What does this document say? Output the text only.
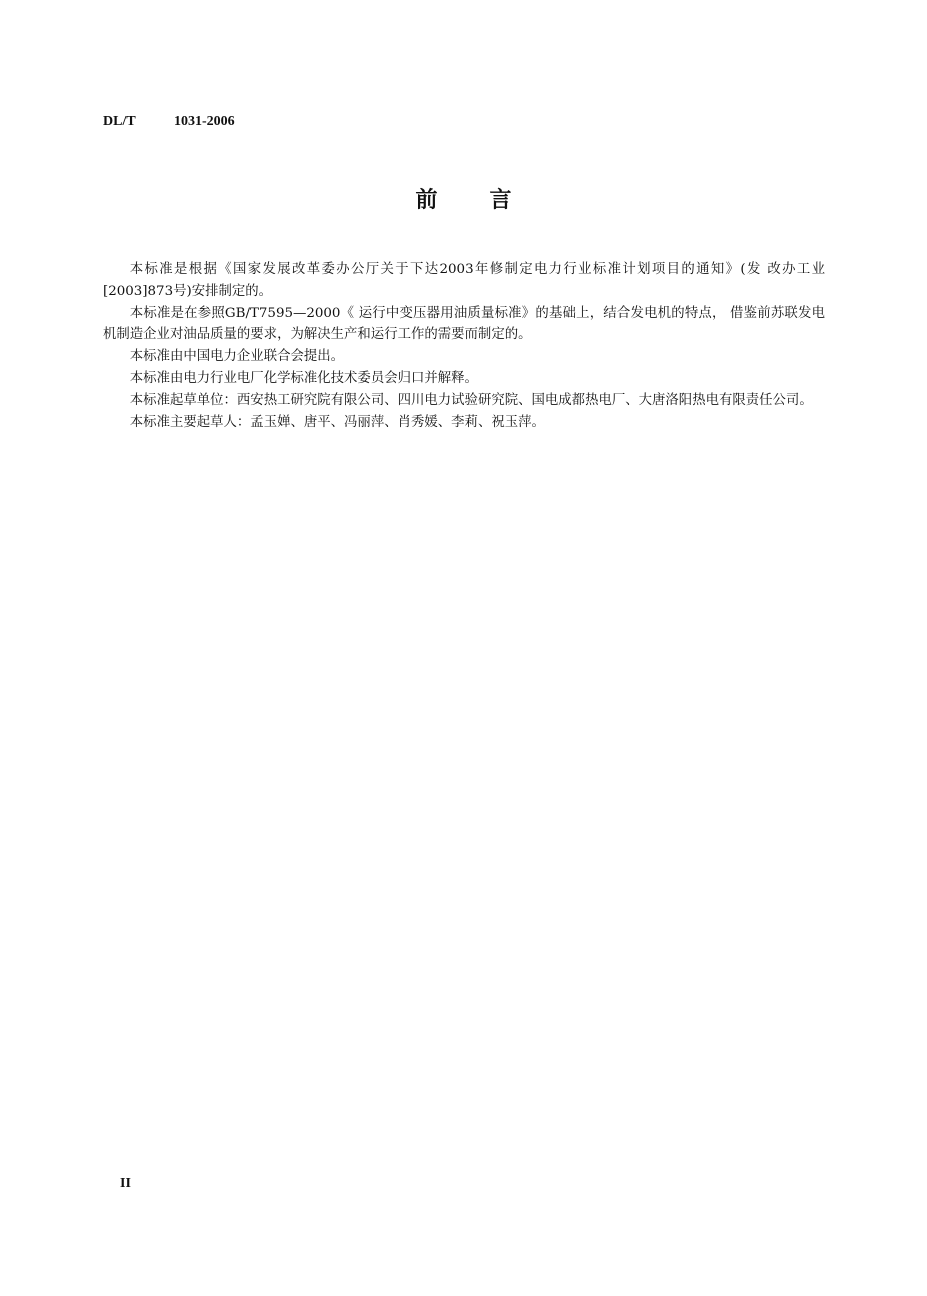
DL/T	1031-2006
前 言

本标准是根据《国家发展改革委办公厅关于下达2003年修制定电力行业标准计划项目的通知》(发 改办工业[2003]873号)安排制定的。

本标准是在参照GB/T7595—2000《 运行中变压器用油质量标准》的基础上，结合发电机的特点， 借鉴前苏联发电机制造企业对油品质量的要求，为解决生产和运行工作的需要而制定的。

本标准由中国电力企业联合会提出。

本标准由电力行业电厂化学标准化技术委员会归口并解释。

本标准起草单位：西安热工研究院有限公司、四川电力试验研究院、国电成都热电厂、大唐洛阳热电有限责任公司。

本标准主要起草人：孟玉婵、唐平、冯丽萍、肖秀媛、李莉、祝玉萍。

II
